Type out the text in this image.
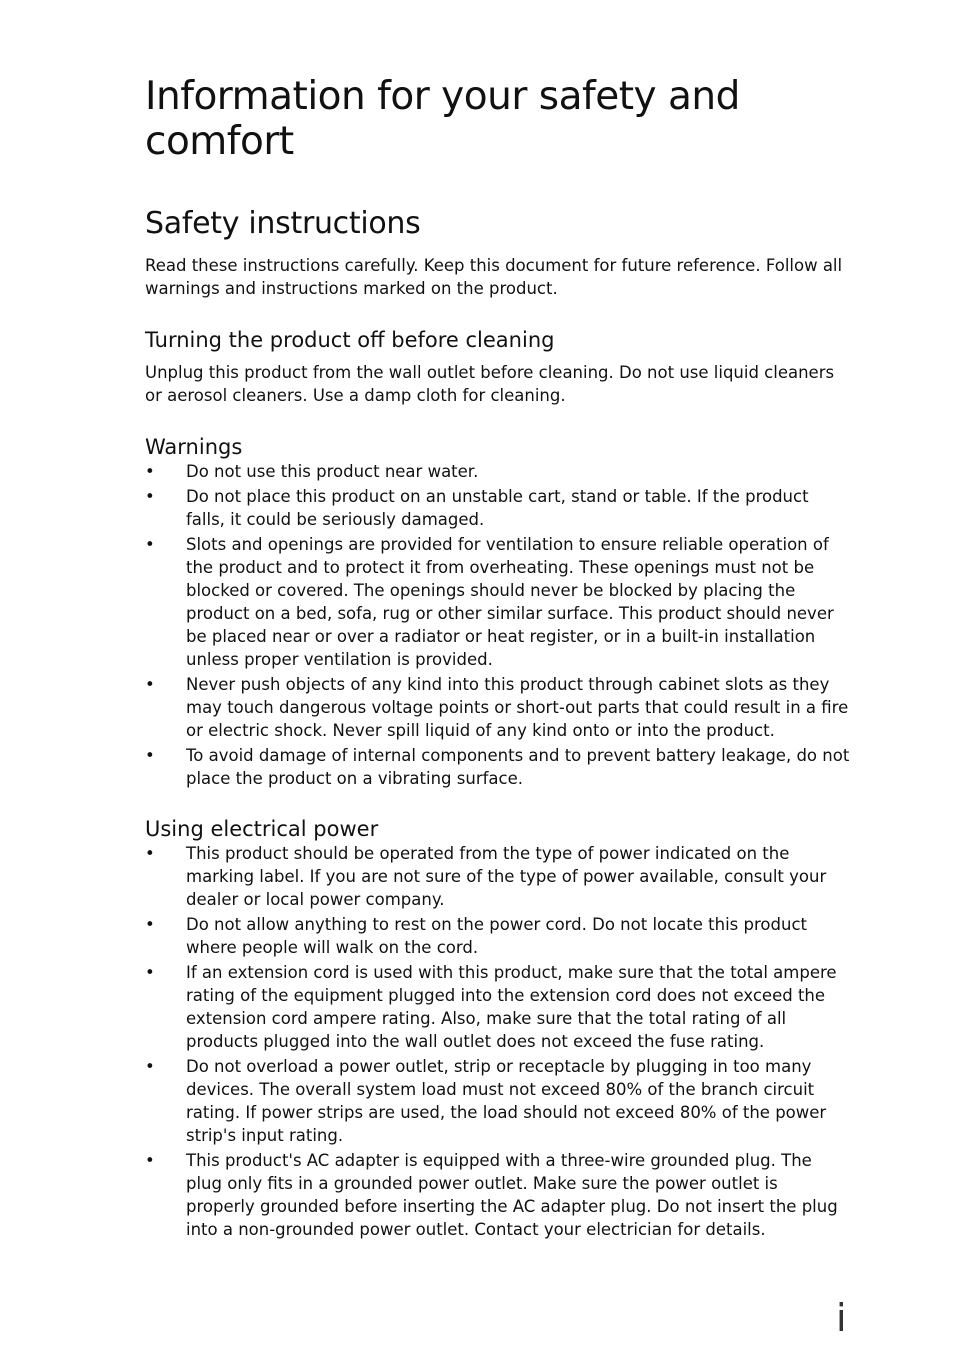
Information for your safety and comfort
Safety instructions

Read these instructions carefully. Keep this document for future reference. Follow all warnings and instructions marked on the product.

Turning the product off before cleaning

Unplug this product from the wall outlet before cleaning. Do not use liquid cleaners or aerosol cleaners. Use a damp cloth for cleaning.

Warnings
• Do not use this product near water.
• Do not place this product on an unstable cart, stand or table. If the product falls, it could be seriously damaged.
• Slots and openings are provided for ventilation to ensure reliable operation of the product and to protect it from overheating. These openings must not be blocked or covered. The openings should never be blocked by placing the product on a bed, sofa, rug or other similar surface. This product should never be placed near or over a radiator or heat register, or in a built-in installation unless proper ventilation is provided.
• Never push objects of any kind into this product through cabinet slots as they may touch dangerous voltage points or short-out parts that could result in a fire or electric shock. Never spill liquid of any kind onto or into the product.
• To avoid damage of internal components and to prevent battery leakage, do not place the product on a vibrating surface.
Using electrical power
• This product should be operated from the type of power indicated on the marking label. If you are not sure of the type of power available, consult your dealer or local power company.
• Do not allow anything to rest on the power cord. Do not locate this product where people will walk on the cord.
• If an extension cord is used with this product, make sure that the total ampere rating of the equipment plugged into the extension cord does not exceed the extension cord ampere rating. Also, make sure that the total rating of all products plugged into the wall outlet does not exceed the fuse rating.
• Do not overload a power outlet, strip or receptacle by plugging in too many devices. The overall system load must not exceed 80% of the branch circuit rating. If power strips are used, the load should not exceed 80% of the power strip's input rating.
• This product's AC adapter is equipped with a three-wire grounded plug. The plug only fits in a grounded power outlet. Make sure the power outlet is properly grounded before inserting the AC adapter plug. Do not insert the plug into a non-grounded power outlet. Contact your electrician for details.
i
